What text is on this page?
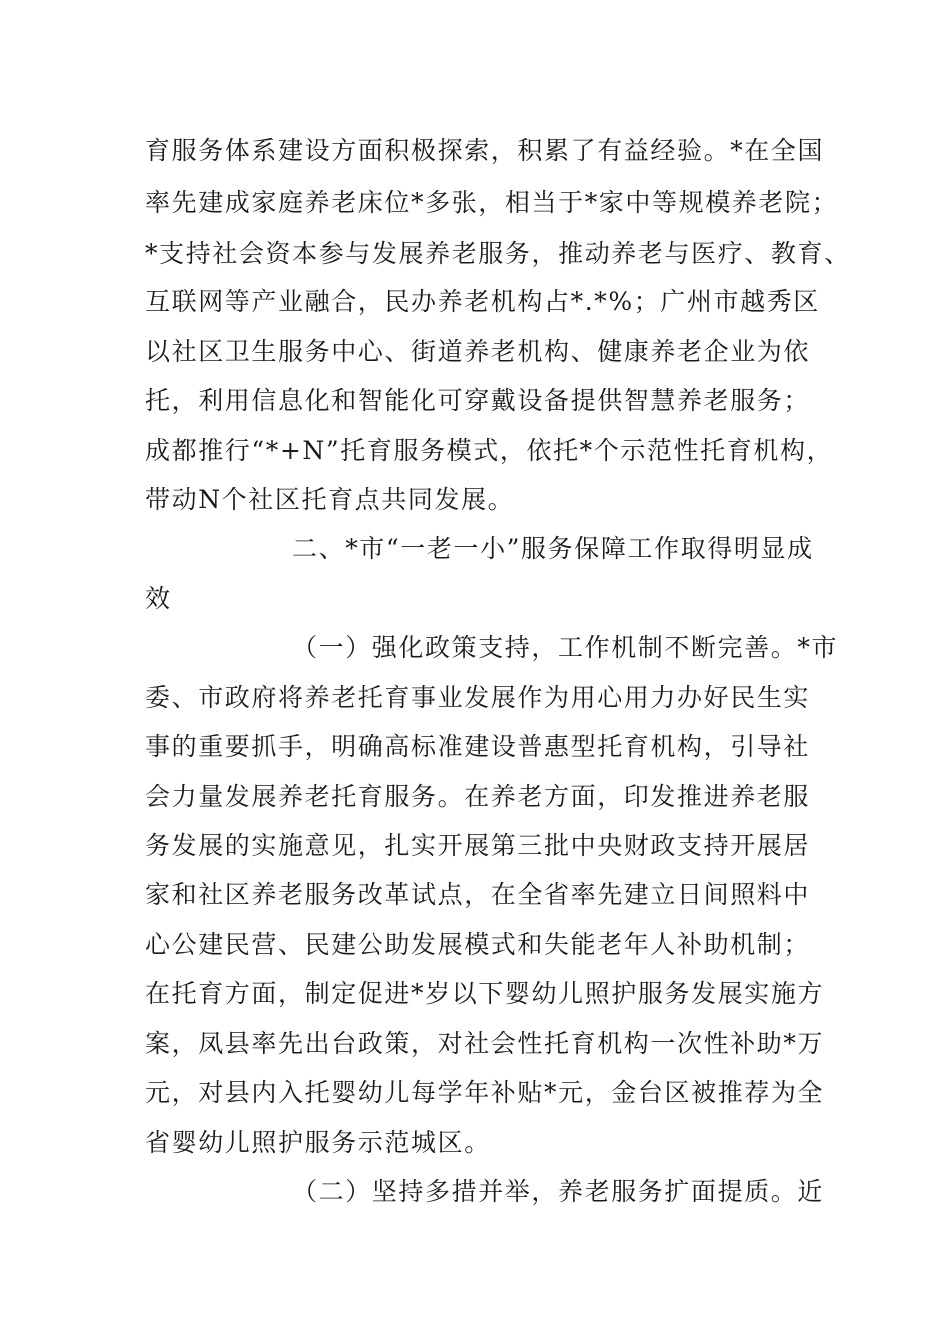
育服务体系建设方面积极探索，积累了有益经验。*在全国
率先建成家庭养老床位*多张，相当于*家中等规模养老院；
*支持社会资本参与发展养老服务，推动养老与医疗、教育、
互联网等产业融合，民办养老机构占*.*%；广州市越秀区
以社区卫生服务中心、街道养老机构、健康养老企业为依
托，利用信息化和智能化可穿戴设备提供智慧养老服务；
成都推行“*+N”托育服务模式，依托*个示范性托育机构，
带动N个社区托育点共同发展。
二、*市“一老一小”服务保障工作取得明显成
效
（一）强化政策支持，工作机制不断完善。*市
委、市政府将养老托育事业发展作为用心用力办好民生实
事的重要抓手，明确高标准建设普惠型托育机构，引导社
会力量发展养老托育服务。在养老方面，印发推进养老服
务发展的实施意见，扎实开展第三批中央财政支持开展居
家和社区养老服务改革试点，在全省率先建立日间照料中
心公建民营、民建公助发展模式和失能老年人补助机制；
在托育方面，制定促进*岁以下婴幼儿照护服务发展实施方
案，凤县率先出台政策，对社会性托育机构一次性补助*万
元，对县内入托婴幼儿每学年补贴*元，金台区被推荐为全
省婴幼儿照护服务示范城区。
（二）坚持多措并举，养老服务扩面提质。近
